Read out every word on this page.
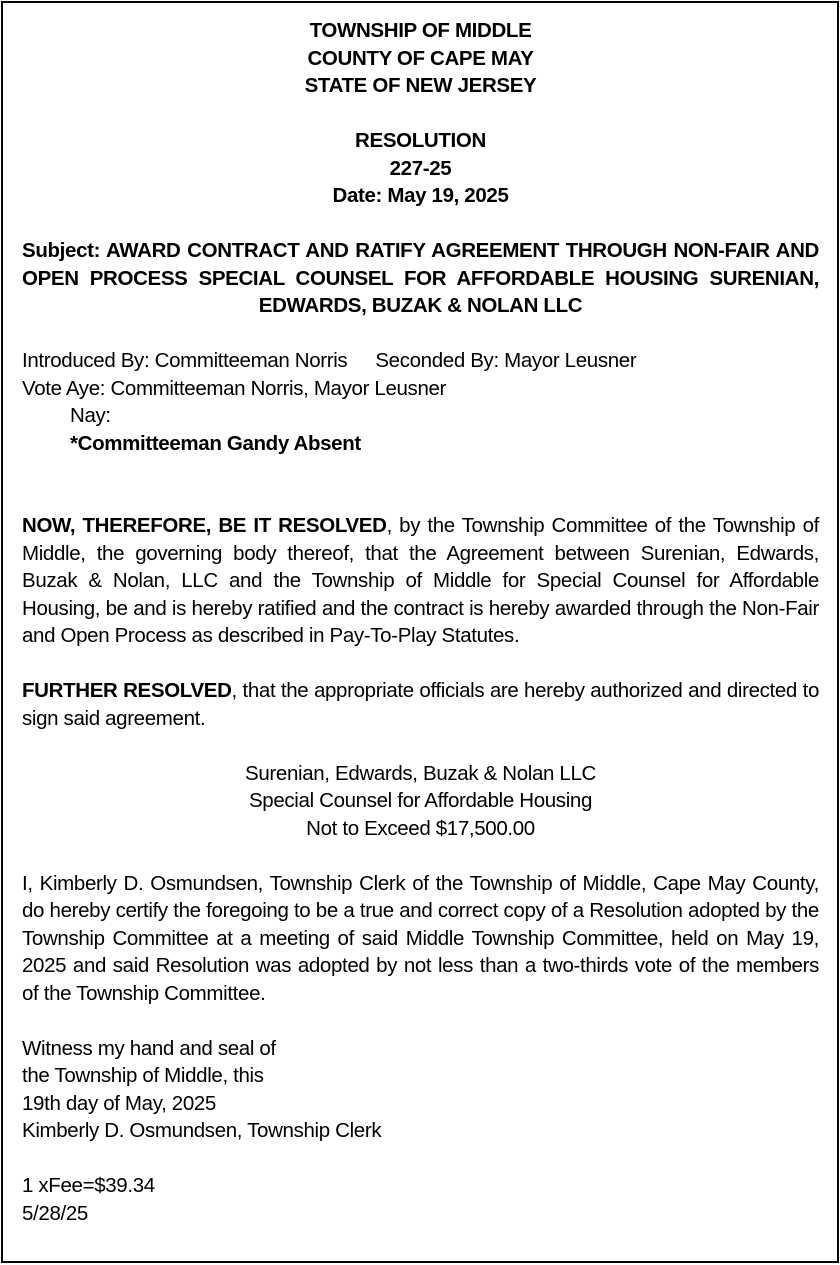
TOWNSHIP OF MIDDLE

COUNTY OF CAPE MAY

STATE OF NEW JERSEY

RESOLUTION

227-25

Date: May 19, 2025

Subject: AWARD CONTRACT AND RATIFY AGREEMENT THROUGH NON-FAIR AND OPEN PROCESS SPECIAL COUNSEL FOR AFFORDABLE HOUSING SURENIAN, EDWARDS, BUZAK & NOLAN LLC

Introduced By: Committeeman Norris Seconded By: Mayor Leusner

Vote Aye: Committeeman Norris, Mayor Leusner

Nay:

*Committeeman Gandy Absent

NOW, THEREFORE, BE IT RESOLVED, by the Township Committee of the Township of Middle, the governing body thereof, that the Agreement between Surenian, Edwards, Buzak & Nolan, LLC and the Township of Middle for Special Counsel for Affordable Housing, be and is hereby ratified and the contract is hereby awarded through the Non-Fair and Open Process as described in Pay-To-Play Statutes.

FURTHER RESOLVED, that the appropriate officials are hereby authorized and directed to sign said agreement.

Surenian, Edwards, Buzak & Nolan LLC

Special Counsel for Affordable Housing

Not to Exceed $17,500.00

I, Kimberly D. Osmundsen, Township Clerk of the Township of Middle, Cape May County, do hereby certify the foregoing to be a true and correct copy of a Resolution adopted by the Township Committee at a meeting of said Middle Township Committee, held on May 19, 2025 and said Resolution was adopted by not less than a two-thirds vote of the members of the Township Committee.

Witness my hand and seal of

the Township of Middle, this

19th day of May, 2025

Kimberly D. Osmundsen, Township Clerk

1 xFee=$39.34

5/28/25
